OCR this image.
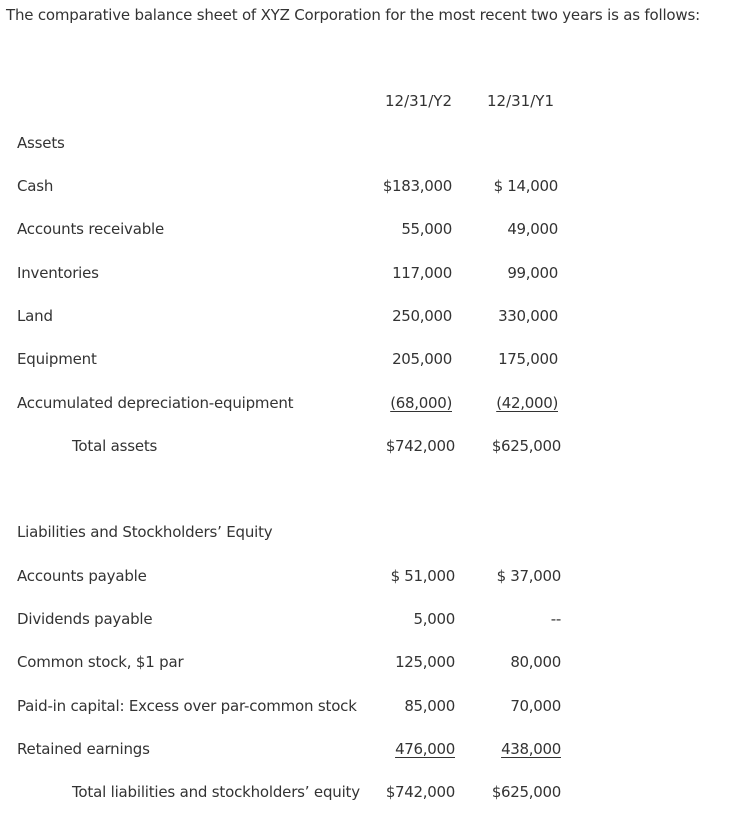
The comparative balance sheet of XYZ Corporation for the most recent two years is as follows:
12/31/Y2 12/31/Y1
Assets
Cash	$183,000	$ 14,000
Accounts receivable	55,000	49,000
Inventories	117,000	99,000
Land	250,000	330,000
Equipment	205,000	175,000
Accumulated depreciation-equipment	(68,000)	(42,000)
Total assets	$742,000 $625,000
Liabilities and Stockholders’ Equity
Accounts payable	$ 51,000	$ 37,000
Dividends payable	5,000	--
Common stock, $1 par	125,000	80,000
Paid-in capital: Excess over par-common stock	85,000	70,000
Retained earnings	476,000	438,000
Total liabilities and stockholders’ equity $742,000 $625,000
